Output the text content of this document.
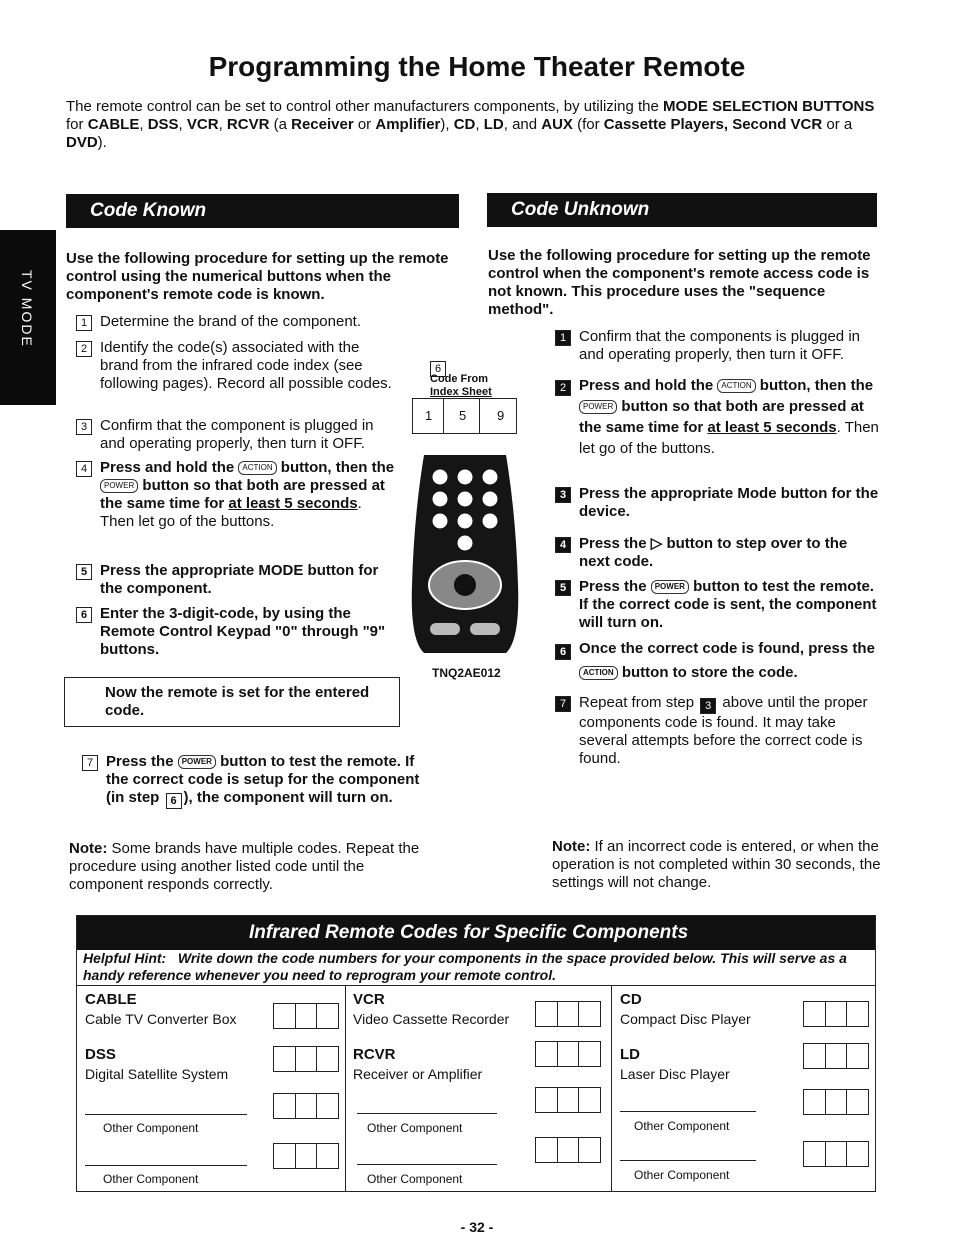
Programming the Home Theater Remote
The remote control can be set to control other manufacturers components, by utilizing the MODE SELECTION BUTTONS for CABLE, DSS, VCR, RCVR (a Receiver or Amplifier), CD, LD, and AUX (for Cassette Players, Second VCR or a DVD).
TV MODE
Code Known
Use the following procedure for setting up the remote control using the numerical buttons when the component's remote code is known.
1 Determine the brand of the component.
2 Identify the code(s) associated with the brand from the infrared code index (see following pages). Record all possible codes.
3 Confirm that the component is plugged in and operating properly, then turn it OFF.
4 Press and hold the ACTION button, then the POWER button so that both are pressed at the same time for at least 5 seconds. Then let go of the buttons.
5 Press the appropriate MODE button for the component.
6 Enter the 3-digit-code, by using the Remote Control Keypad "0" through "9" buttons.
Now the remote is set for the entered code.
7 Press the POWER button to test the remote. If the correct code is setup for the component (in step 6 ), the component will turn on.
Note: Some brands have multiple codes. Repeat the procedure using another listed code until the component responds correctly.
6
Code From
Index Sheet
1 5 9
TNQ2AE012
Code Unknown
Use the following procedure for setting up the remote control when the component's remote access code is not known. This procedure uses the "sequence method".
1 Confirm that the components is plugged in and operating properly, then turn it OFF.
2 Press and hold the ACTION button, then the POWER button so that both are pressed at the same time for at least 5 seconds. Then let go of the buttons.
3 Press the appropriate Mode button for the device.
4 Press the ▷ button to step over to the next code.
5 Press the POWER button to test the remote. If the correct code is sent, the component will turn on.
6 Once the correct code is found, press the ACTION button to store the code.
7 Repeat from step 3 above until the proper components code is found. It may take several attempts before the correct code is found.
Note: If an incorrect code is entered, or when the operation is not completed within 30 seconds, the settings will not change.
Infrared Remote Codes for Specific Components
Helpful Hint: Write down the code numbers for your components in the space provided below. This will serve as a handy reference whenever you need to reprogram your remote control.
CABLE
Cable TV Converter Box
DSS
Digital Satellite System
Other Component
Other Component
VCR
Video Cassette Recorder
RCVR
Receiver or Amplifier
Other Component
Other Component
CD
Compact Disc Player
LD
Laser Disc Player
Other Component
Other Component
- 32 -
